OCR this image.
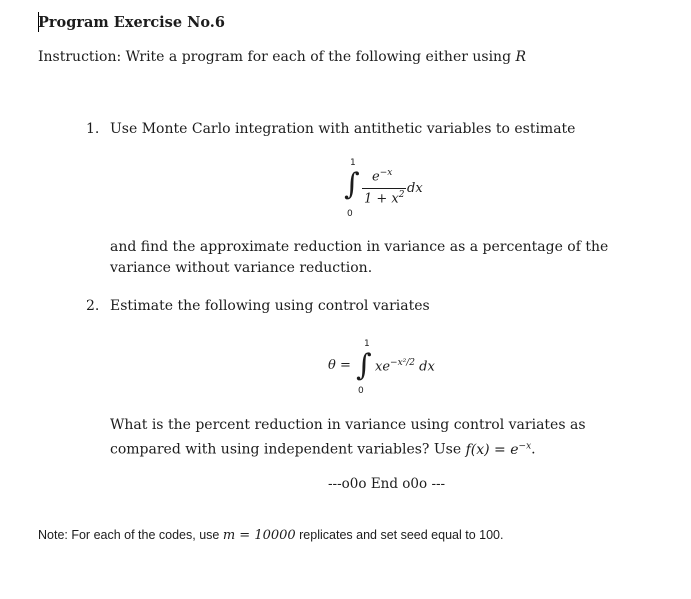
Program Exercise No.6
Instruction: Write a program for each of the following either using R
1. Use Monte Carlo integration with antithetic variables to estimate
1
∫
0
$e^{-x}$
$1 + x^2$ dx
and find the approximate reduction in variance as a percentage of the variance without variance reduction.
2. Estimate the following using control variates
θ =
1
∫
0
$xe^{-x^2/2}$ dx
What is the percent reduction in variance using control variates as compared with using independent variables? Use $f(x) = e^{-x}$.
---o0o End o0o ---
Note: For each of the codes, use m = 10000 replicates and set seed equal to 100.
